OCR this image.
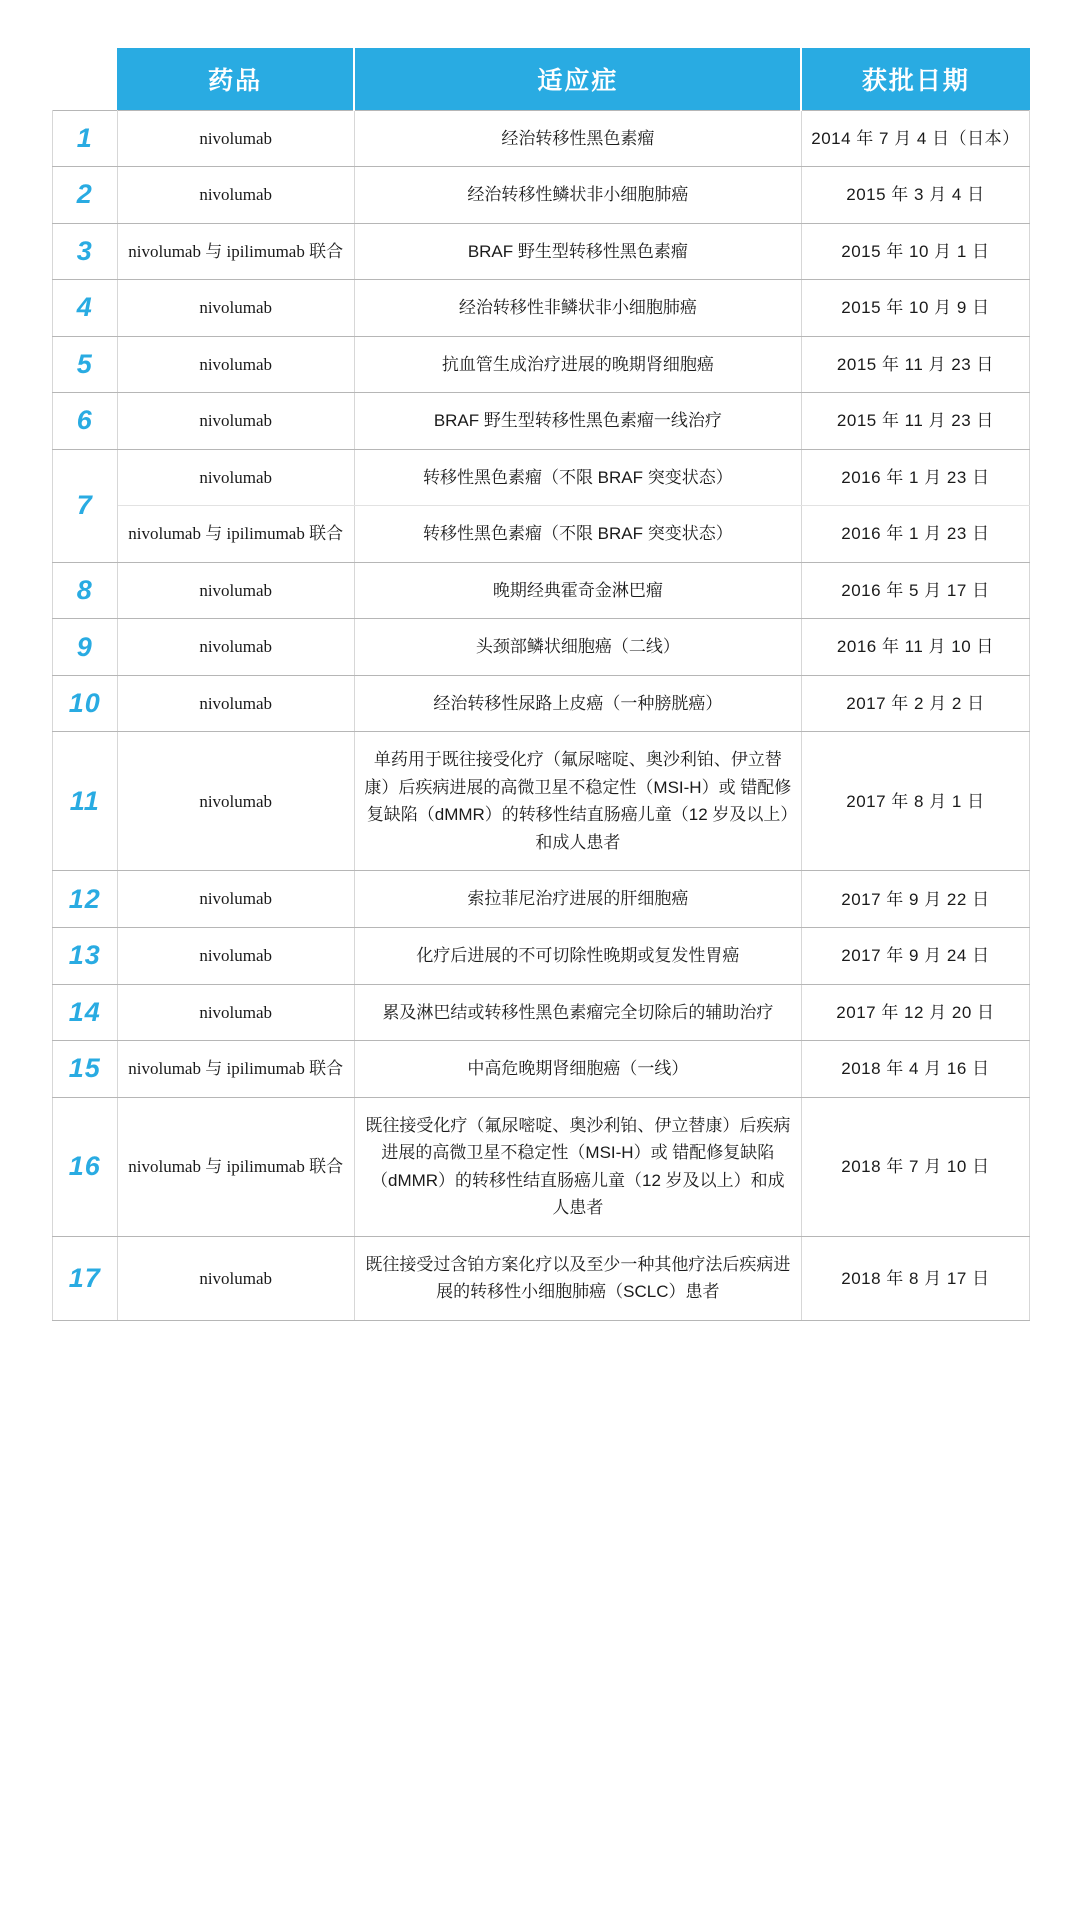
	药品	适应症	获批日期
1	nivolumab	经治转移性黑色素瘤	2014 年 7 月 4 日（日本）
2	nivolumab	经治转移性鳞状非小细胞肺癌	2015 年 3 月 4 日
3	nivolumab 与 ipilimumab 联合	BRAF 野生型转移性黑色素瘤	2015 年 10 月 1 日
4	nivolumab	经治转移性非鳞状非小细胞肺癌	2015 年 10 月 9 日
5	nivolumab	抗血管生成治疗进展的晚期肾细胞癌	2015 年 11 月 23 日
6	nivolumab	BRAF 野生型转移性黑色素瘤一线治疗	2015 年 11 月 23 日
7	nivolumab	转移性黑色素瘤（不限 BRAF 突变状态）	2016 年 1 月 23 日
	nivolumab 与 ipilimumab 联合	转移性黑色素瘤（不限 BRAF 突变状态）	2016 年 1 月 23 日
8	nivolumab	晚期经典霍奇金淋巴瘤	2016 年 5 月 17 日
9	nivolumab	头颈部鳞状细胞癌（二线）	2016 年 11 月 10 日
10	nivolumab	经治转移性尿路上皮癌（一种膀胱癌）	2017 年 2 月 2 日
11	nivolumab	单药用于既往接受化疗（氟尿嘧啶、奥沙利铂、伊立替康）后疾病进展的高微卫星不稳定性（MSI-H）或 错配修复缺陷（dMMR）的转移性结直肠癌儿童（12 岁及以上）和成人患者	2017 年 8 月 1 日
12	nivolumab	索拉菲尼治疗进展的肝细胞癌	2017 年 9 月 22 日
13	nivolumab	化疗后进展的不可切除性晚期或复发性胃癌	2017 年 9 月 24 日
14	nivolumab	累及淋巴结或转移性黑色素瘤完全切除后的辅助治疗	2017 年 12 月 20 日
15	nivolumab 与 ipilimumab 联合	中高危晚期肾细胞癌（一线）	2018 年 4 月 16 日
16	nivolumab 与 ipilimumab 联合	既往接受化疗（氟尿嘧啶、奥沙利铂、伊立替康）后疾病进展的高微卫星不稳定性（MSI-H）或 错配修复缺陷（dMMR）的转移性结直肠癌儿童（12 岁及以上）和成人患者	2018 年 7 月 10 日
17	nivolumab	既往接受过含铂方案化疗以及至少一种其他疗法后疾病进展的转移性小细胞肺癌（SCLC）患者	2018 年 8 月 17 日
